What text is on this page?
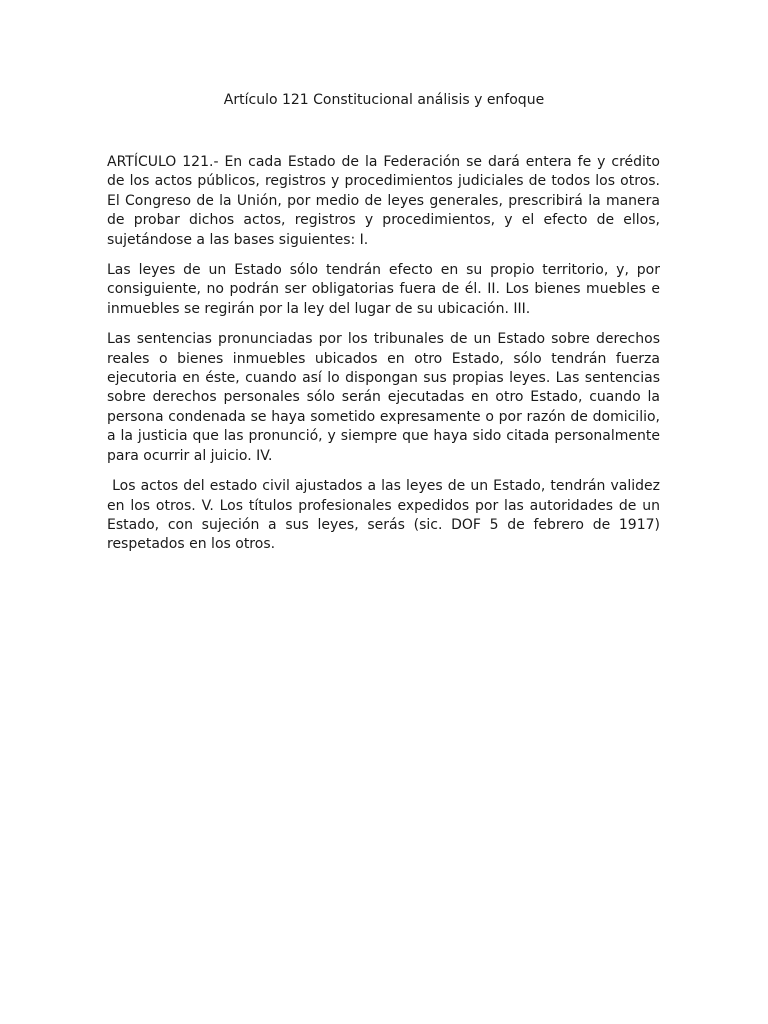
Artículo 121 Constitucional análisis y enfoque

ARTÍCULO 121.- En cada Estado de la Federación se dará entera fe y crédito de los actos públicos, registros y procedimientos judiciales de todos los otros. El Congreso de la Unión, por medio de leyes generales, prescribirá la manera de probar dichos actos, registros y procedimientos, y el efecto de ellos, sujetándose a las bases siguientes: I.

Las leyes de un Estado sólo tendrán efecto en su propio territorio, y, por consiguiente, no podrán ser obligatorias fuera de él. II. Los bienes muebles e inmuebles se regirán por la ley del lugar de su ubicación. III.

Las sentencias pronunciadas por los tribunales de un Estado sobre derechos reales o bienes inmuebles ubicados en otro Estado, sólo tendrán fuerza ejecutoria en éste, cuando así lo dispongan sus propias leyes. Las sentencias sobre derechos personales sólo serán ejecutadas en otro Estado, cuando la persona condenada se haya sometido expresamente o por razón de domicilio, a la justicia que las pronunció, y siempre que haya sido citada personalmente para ocurrir al juicio. IV.

Los actos del estado civil ajustados a las leyes de un Estado, tendrán validez en los otros. V. Los títulos profesionales expedidos por las autoridades de un Estado, con sujeción a sus leyes, serás (sic. DOF 5 de febrero de 1917) respetados en los otros.
